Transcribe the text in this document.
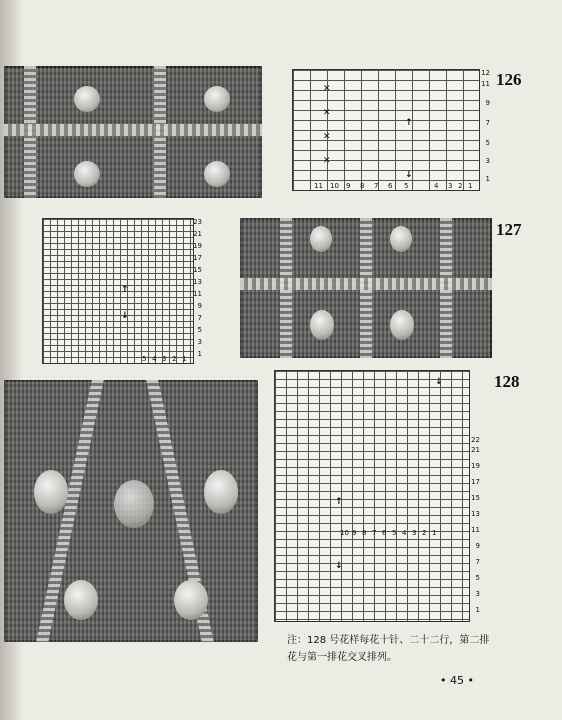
✕
✕
✕
✕
↑
↓
12
11
9
7
5
3
1
11 10 9 8 7 6 5	4 3 2 1
126
↑
↓
23
21
19
17
15
13
11
9
7
5
3
1
5 4 3 2 1
127
↓
↑
↓
22
21
19
17
15
13
11
9
7
5
3
1
10 9 8 7 6 5 4 3 2 1
128
注：128 号花样每花十针、二十二行，第二排
花与第一排花交叉排列。
• 45 •
